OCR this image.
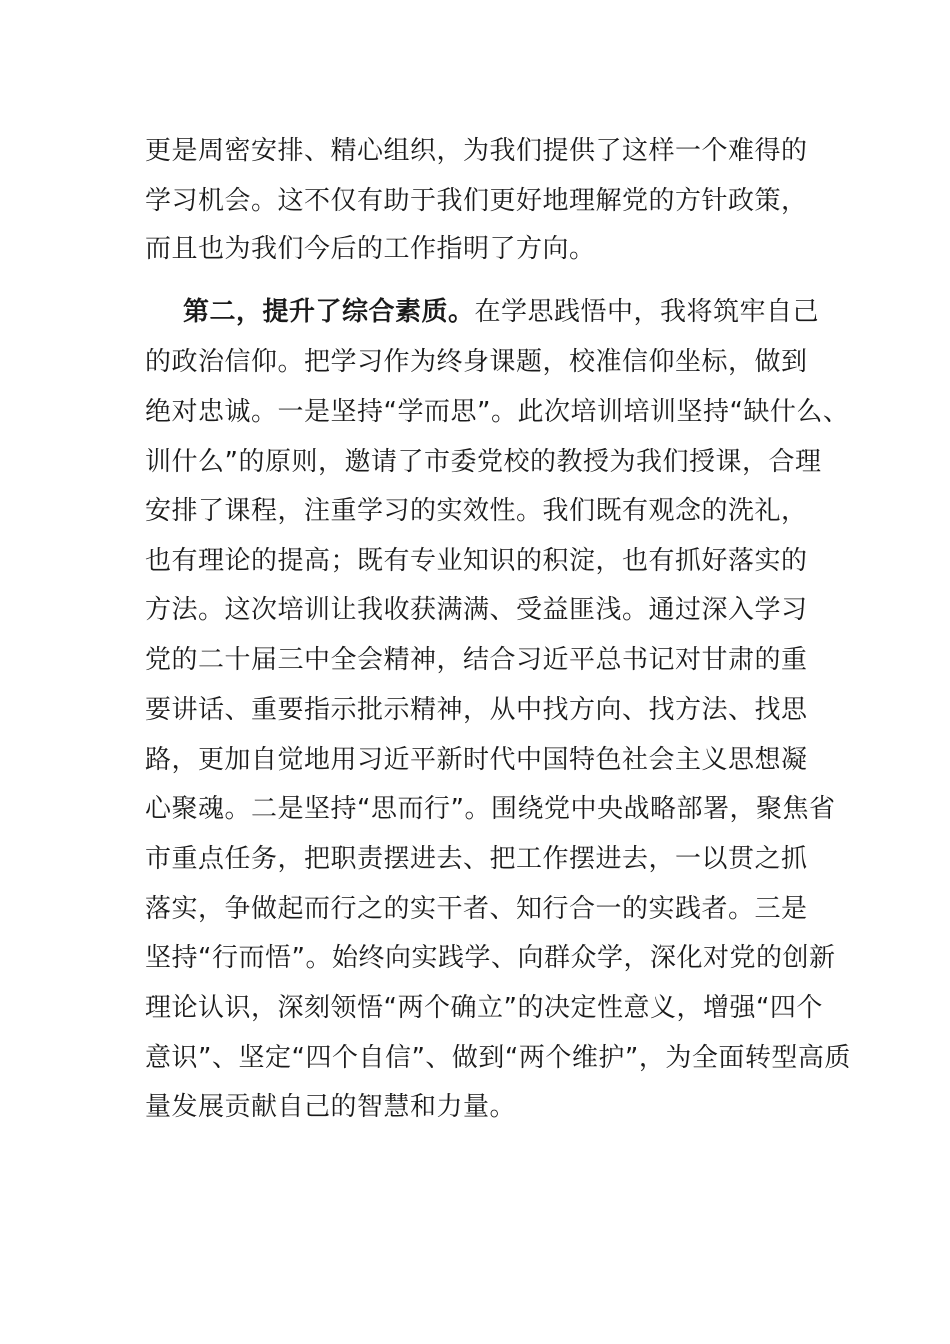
更是周密安排、精心组织，为我们提供了这样一个难得的
学习机会。这不仅有助于我们更好地理解党的方针政策，
而且也为我们今后的工作指明了方向。
第二，提升了综合素质。在学思践悟中，我将筑牢自己
的政治信仰。把学习作为终身课题，校准信仰坐标，做到
绝对忠诚。一是坚持“学而思”。此次培训培训坚持“缺什么、
训什么”的原则，邀请了市委党校的教授为我们授课，合理
安排了课程，注重学习的实效性。我们既有观念的洗礼，
也有理论的提高；既有专业知识的积淀，也有抓好落实的
方法。这次培训让我收获满满、受益匪浅。通过深入学习
党的二十届三中全会精神，结合习近平总书记对甘肃的重
要讲话、重要指示批示精神，从中找方向、找方法、找思
路，更加自觉地用习近平新时代中国特色社会主义思想凝
心聚魂。二是坚持“思而行”。围绕党中央战略部署，聚焦省
市重点任务，把职责摆进去、把工作摆进去，一以贯之抓
落实，争做起而行之的实干者、知行合一的实践者。三是
坚持“行而悟”。始终向实践学、向群众学，深化对党的创新
理论认识，深刻领悟“两个确立”的决定性意义，增强“四个
意识”、坚定“四个自信”、做到“两个维护”，为全面转型高质
量发展贡献自己的智慧和力量。
